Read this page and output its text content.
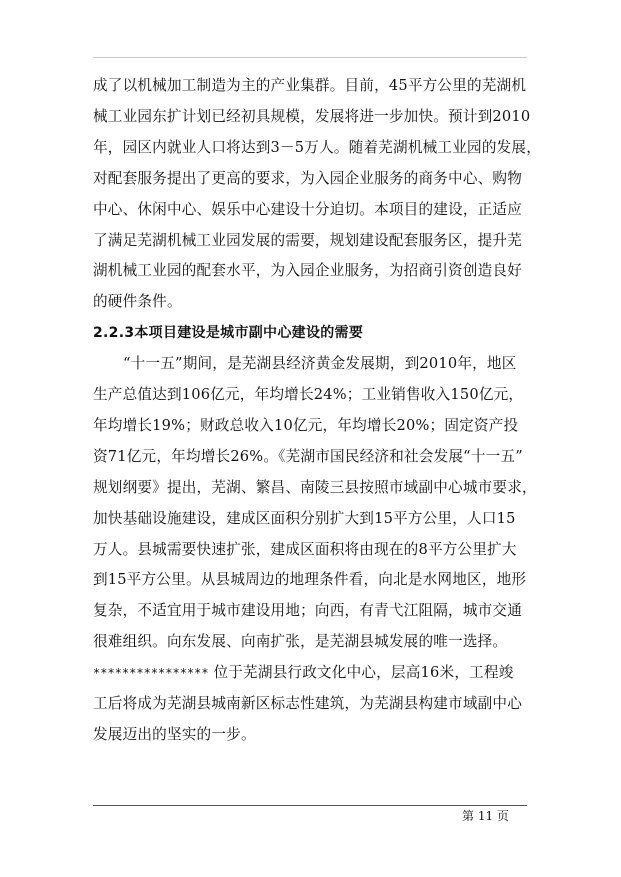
成了以机械加工制造为主的产业集群。目前，45平方公里的芜湖机
械工业园东扩计划已经初具规模，发展将进一步加快。预计到2010
年，园区内就业人口将达到3－5万人。随着芜湖机械工业园的发展，
对配套服务提出了更高的要求，为入园企业服务的商务中心、购物
中心、休闲中心、娱乐中心建设十分迫切。本项目的建设，正适应
了满足芜湖机械工业园发展的需要，规划建设配套服务区，提升芜
湖机械工业园的配套水平，为入园企业服务，为招商引资创造良好
的硬件条件。
2.2.3本项目建设是城市副中心建设的需要
“十一五”期间，是芜湖县经济黄金发展期，到2010年，地区
生产总值达到106亿元，年均增长24%；工业销售收入150亿元，
年均增长19%；财政总收入10亿元，年均增长20%；固定资产投
资71亿元，年均增长26%。《芜湖市国民经济和社会发展“十一五”
规划纲要》提出，芜湖、繁昌、南陵三县按照市域副中心城市要求，
加快基础设施建设，建成区面积分别扩大到15平方公里，人口15
万人。县城需要快速扩张，建成区面积将由现在的8平方公里扩大
到15平方公里。从县城周边的地理条件看，向北是水网地区，地形
复杂，不适宜用于城市建设用地；向西，有青弋江阻隔，城市交通
很难组织。向东发展、向南扩张，是芜湖县城发展的唯一选择。
**************** 位于芜湖县行政文化中心，层高16米，工程竣
工后将成为芜湖县城南新区标志性建筑，为芜湖县构建市域副中心
发展迈出的坚实的一步。
第 11 页
